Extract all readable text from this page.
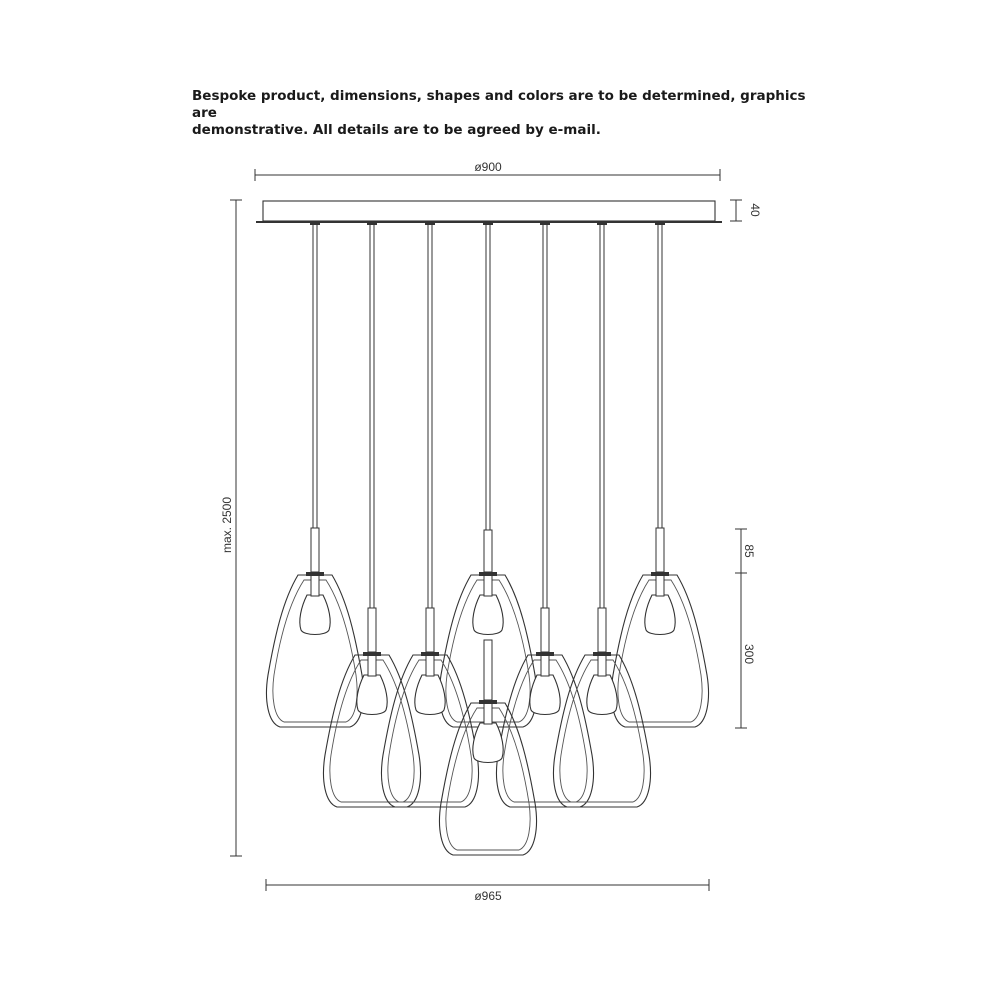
Bespoke product, dimensions, shapes and colors are to be determined, graphics are
demonstrative. All details are to be agreed by e-mail.
ø900
40
max. 2500	85
300
ø965
